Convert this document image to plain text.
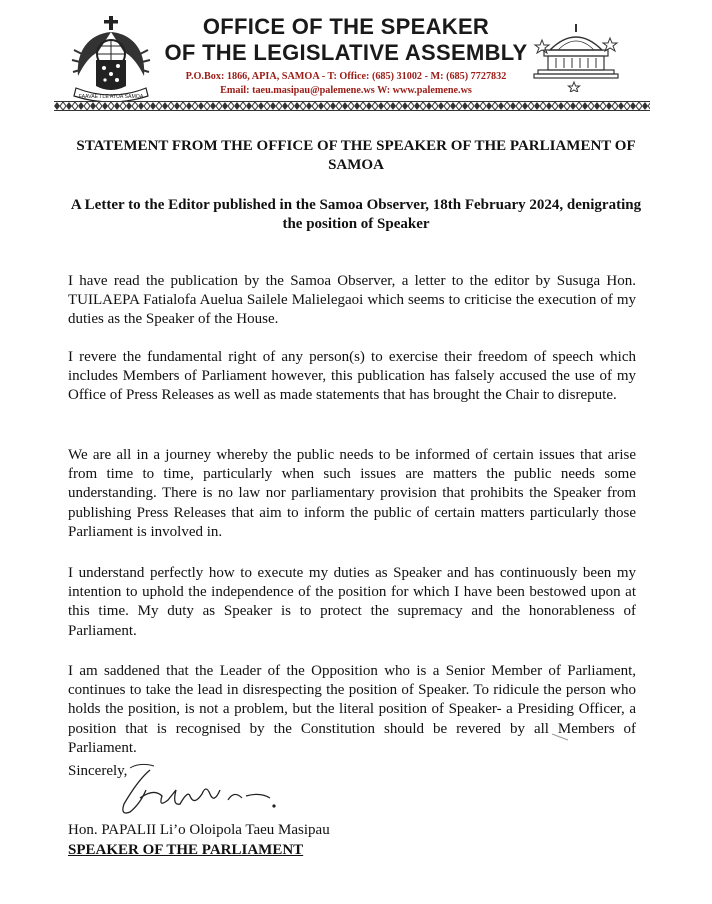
FAAVAE I LE ATUA SAMOA
OFFICE OF THE SPEAKER
OF THE LEGISLATIVE ASSEMBLY
P.O.Box: 1866, APIA, SAMOA - T: Office: (685) 31002 - M: (685) 7727832
Email: taeu.masipau@palemene.ws W: www.palemene.ws
STATEMENT FROM THE OFFICE OF THE SPEAKER OF THE PARLIAMENT OF SAMOA
A Letter to the Editor published in the Samoa Observer, 18th February 2024, denigrating the position of Speaker

I have read the publication by the Samoa Observer, a letter to the editor by Susuga Hon. TUILAEPA Fatialofa Auelua Sailele Malielegaoi which seems to criticise the execution of my duties as the Speaker of the House.

I revere the fundamental right of any person(s) to exercise their freedom of speech which includes Members of Parliament however, this publication has falsely accused the use of my Office of Press Releases as well as made statements that has brought the Chair to disrepute.

We are all in a journey whereby the public needs to be informed of certain issues that arise from time to time, particularly when such issues are matters the public needs some understanding. There is no law nor parliamentary provision that prohibits the Speaker from publishing Press Releases that aim to inform the public of certain matters particularly those Parliament is involved in.

I understand perfectly how to execute my duties as Speaker and has continuously been my intention to uphold the independence of the position for which I have been bestowed upon at this time. My duty as Speaker is to protect the supremacy and the honorableness of Parliament.

I am saddened that the Leader of the Opposition who is a Senior Member of Parliament, continues to take the lead in disrespecting the position of Speaker. To ridicule the person who holds the position, is not a problem, but the literal position of Speaker- a Presiding Officer, a position that is recognised by the Constitution should be revered by all Members of Parliament.

Sincerely,
Hon. PAPALII Li’o Oloipola Taeu Masipau
SPEAKER OF THE PARLIAMENT
